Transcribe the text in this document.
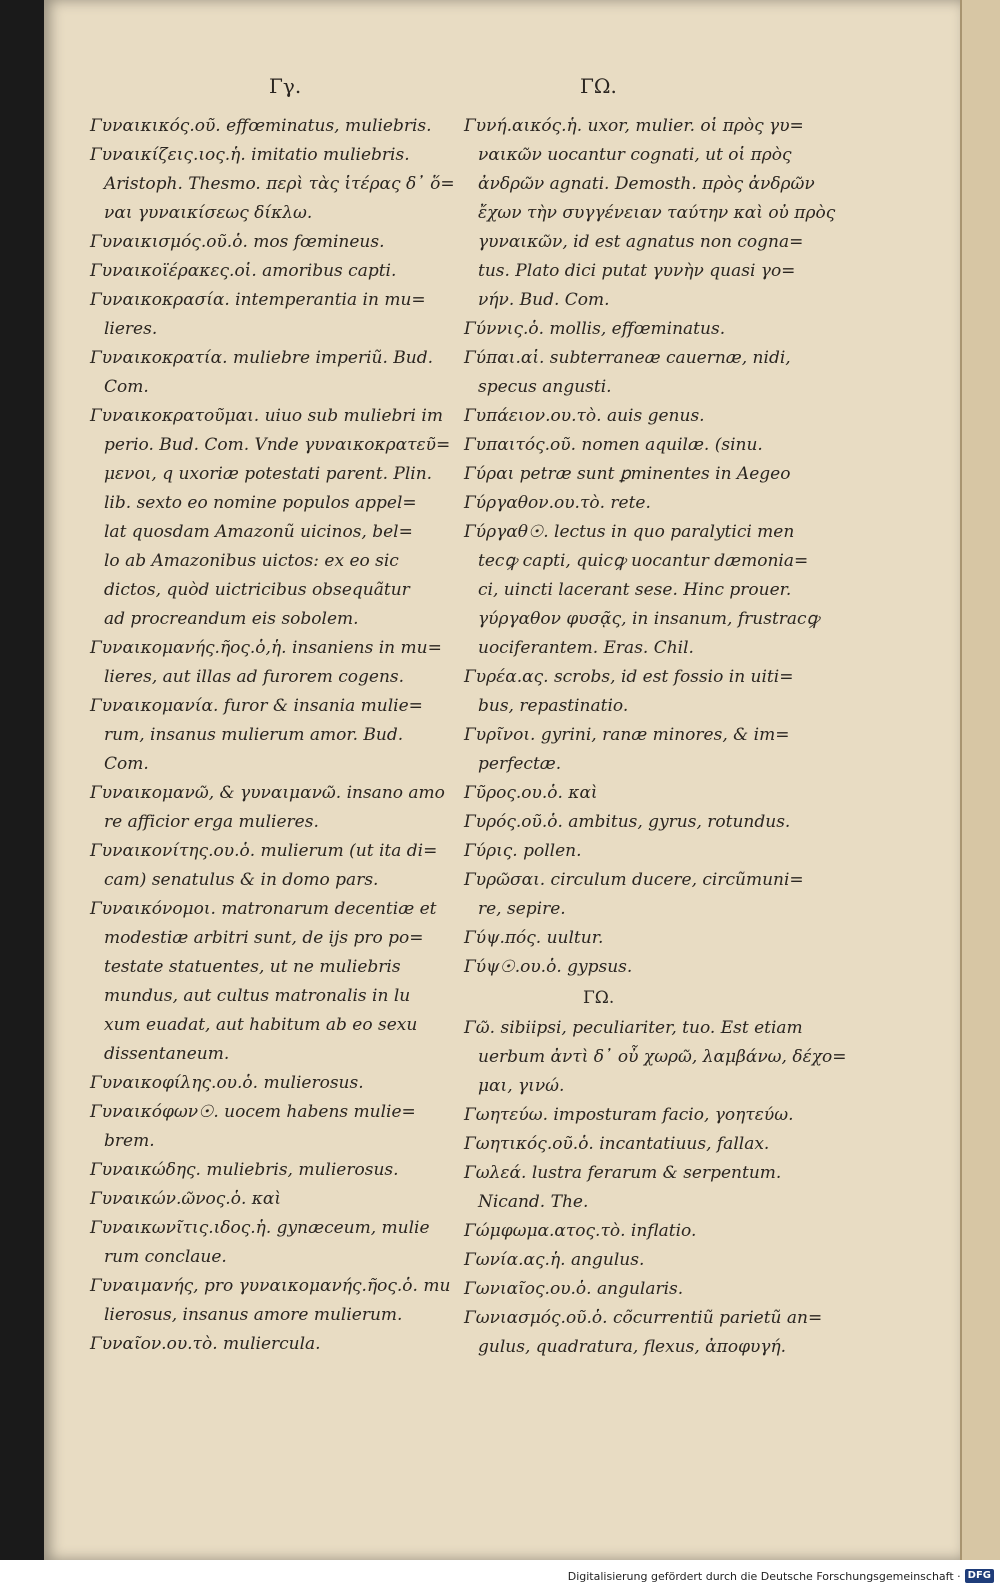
Γγ.	ΓΩ.
Γυναικικός.οῦ. effœminatus, muliebris.
Γυναικίζεις.ιος.ἡ. imitatio muliebris.
Aristoph. Thesmo. περὶ τὰς ἱτέρας δ᾽ ὅ=
ναι γυναικίσεως δίκλω.
Γυναικισμός.οῦ.ὁ. mos fœmineus.
Γυναικοϊέρακες.οἱ. amoribus capti.
Γυναικοκρασία. intemperantia in mu=
lieres.
Γυναικοκρατία. muliebre imperiũ. Bud.
Com.
Γυναικοκρατοῦμαι. uiuo sub muliebri im
perio. Bud. Com. Vnde γυναικοκρατεῦ=
μενοι, q uxoriæ potestati parent. Plin.
lib. sexto eo nomine populos appel=
lat quosdam Amazonũ uicinos, bel=
lo ab Amazonibus uictos: ex eo sic
dictos, quòd uictricibus obsequãtur
ad procreandum eis sobolem.
Γυναικομανής.ῆος.ὁ,ἡ. insaniens in mu=
lieres, aut illas ad furorem cogens.
Γυναικομανία. furor & insania mulie=
rum, insanus mulierum amor. Bud.
Com.
Γυναικομανῶ, & γυναιμανῶ. insano amo
re afficior erga mulieres.
Γυναικονίτης.ου.ὁ. mulierum (ut ita di=
cam) senatulus & in domo pars.
Γυναικόνομοι. matronarum decentiæ et
modestiæ arbitri sunt, de ijs pro po=
testate statuentes, ut ne muliebris
mundus, aut cultus matronalis in lu
xum euadat, aut habitum ab eo sexu
dissentaneum.
Γυναικοφίλης.ου.ὁ. mulierosus.
Γυναικόφων☉. uocem habens mulie=
brem.
Γυναικώδης. muliebris, mulierosus.
Γυναικών.ῶνος.ὁ. καὶ
Γυναικωνῖτις.ιδος.ἡ. gynæceum, mulie
rum conclaue.
Γυναιμανής, pro γυναικομανής.ῆος.ὁ. mu
lierosus, insanus amore mulierum.
Γυναῖον.ου.τὸ. muliercula.
Γυνή.αικός.ἡ. uxor, mulier. οἱ πρὸς γυ=
ναικῶν uocantur cognati, ut οἱ πρὸς
ἀνδρῶν agnati. Demosth. πρὸς ἀνδρῶν
ἔχων τὴν συγγένειαν ταύτην καὶ οὐ πρὸς
γυναικῶν, id est agnatus non cogna=
tus. Plato dici putat γυνὴν quasi γο=
νήν. Bud. Com.
Γύννις.ὁ. mollis, effœminatus.
Γύπαι.αἱ. subterraneæ cauernæ, nidi,
specus angusti.
Γυπάειον.ου.τὸ. auis genus.
Γυπαιτός.οῦ. nomen aquilæ. (sinu.
Γύραι petræ sunt ꝑminentes in Aegeo
Γύργαθον.ου.τὸ. rete.
Γύργαθ☉. lectus in quo paralytici men
tecꝙ capti, quicꝙ uocantur dæmonia=
ci, uincti lacerant sese. Hinc prouer.
γύργαθον φυσᾷς, in insanum, frustracꝙ
uociferantem. Eras. Chil.
Γυρέα.ας. scrobs, id est fossio in uiti=
bus, repastinatio.
Γυρῖνοι. gyrini, ranæ minores, & im=
perfectæ.
Γῦρος.ου.ὁ. καὶ
Γυρός.οῦ.ὁ. ambitus, gyrus, rotundus.
Γύρις. pollen.
Γυρῶσαι. circulum ducere, circũmuni=
re, sepire.
Γύψ.πός. uultur.
Γύψ☉.ου.ὁ. gypsus.
ΓΩ.
Γῶ. sibiipsi, peculiariter, tuo. Est etiam
uerbum ἀντὶ δ᾽ οὖ χωρῶ, λαμβάνω, δέχο=
μαι, γινώ.
Γωητεύω. imposturam facio, γοητεύω.
Γωητικός.οῦ.ὁ. incantatiuus, fallax.
Γωλεά. lustra ferarum & serpentum.
Nicand. The.
Γώμφωμα.ατος.τὸ. inflatio.
Γωνία.ας.ἡ. angulus.
Γωνιαῖος.ου.ὁ. angularis.
Γωνιασμός.οῦ.ὁ. cõcurrentiũ parietũ an=
gulus, quadratura, flexus, ἀποφυγή.
Digitalisierung gefördert durch die Deutsche Forschungsgemeinschaft · DFG
